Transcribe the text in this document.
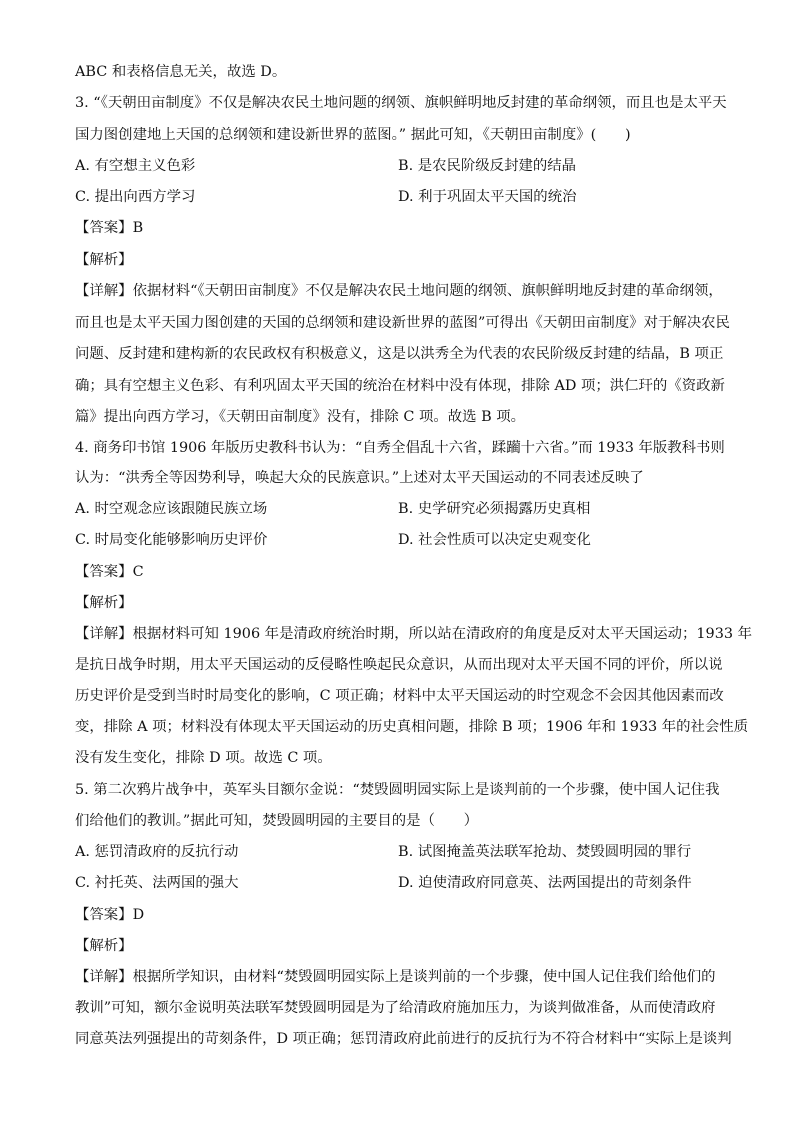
ABC 和表格信息无关，故选 D。
3. “《天朝田亩制度》不仅是解决农民土地问题的纲领、旗帜鲜明地反封建的革命纲领，而且也是太平天
国力图创建地上天国的总纲领和建设新世界的蓝图。” 据此可知，《天朝田亩制度》(　　)
A. 有空想主义色彩	B. 是农民阶级反封建的结晶
C. 提出向西方学习	D. 利于巩固太平天国的统治
【答案】B
【解析】
【详解】依据材料“《天朝田亩制度》不仅是解决农民土地问题的纲领、旗帜鲜明地反封建的革命纲领，
而且也是太平天国力图创建的天国的总纲领和建设新世界的蓝图”可得出《天朝田亩制度》对于解决农民
问题、反封建和建构新的农民政权有积极意义，这是以洪秀全为代表的农民阶级反封建的结晶，B 项正
确；具有空想主义色彩、有利巩固太平天国的统治在材料中没有体现，排除 AD 项；洪仁玕的《资政新
篇》提出向西方学习，《天朝田亩制度》没有，排除 C 项。故选 B 项。
4. 商务印书馆 1906 年版历史教科书认为：“自秀全倡乱十六省，蹂躏十六省。”而 1933 年版教科书则
认为：“洪秀全等因势利导，唤起大众的民族意识。”上述对太平天国运动的不同表述反映了
A. 时空观念应该跟随民族立场	B. 史学研究必须揭露历史真相
C. 时局变化能够影响历史评价	D. 社会性质可以决定史观变化
【答案】C
【解析】
【详解】根据材料可知 1906 年是清政府统治时期，所以站在清政府的角度是反对太平天国运动；1933 年
是抗日战争时期，用太平天国运动的反侵略性唤起民众意识，从而出现对太平天国不同的评价，所以说
历史评价是受到当时时局变化的影响，C 项正确；材料中太平天国运动的时空观念不会因其他因素而改
变，排除 A 项；材料没有体现太平天国运动的历史真相问题，排除 B 项；1906 年和 1933 年的社会性质
没有发生变化，排除 D 项。故选 C 项。
5. 第二次鸦片战争中，英军头目额尔金说：“焚毁圆明园实际上是谈判前的一个步骤，使中国人记住我
们给他们的教训。”据此可知，焚毁圆明园的主要目的是（　　）
A. 惩罚清政府的反抗行动	B. 试图掩盖英法联军抢劫、焚毁圆明园的罪行
C. 衬托英、法两国的强大	D. 迫使清政府同意英、法两国提出的苛刻条件
【答案】D
【解析】
【详解】根据所学知识，由材料“焚毁圆明园实际上是谈判前的一个步骤，使中国人记住我们给他们的
教训”可知，额尔金说明英法联军焚毁圆明园是为了给清政府施加压力，为谈判做准备，从而使清政府
同意英法列强提出的苛刻条件，D 项正确；惩罚清政府此前进行的反抗行为不符合材料中“实际上是谈判
